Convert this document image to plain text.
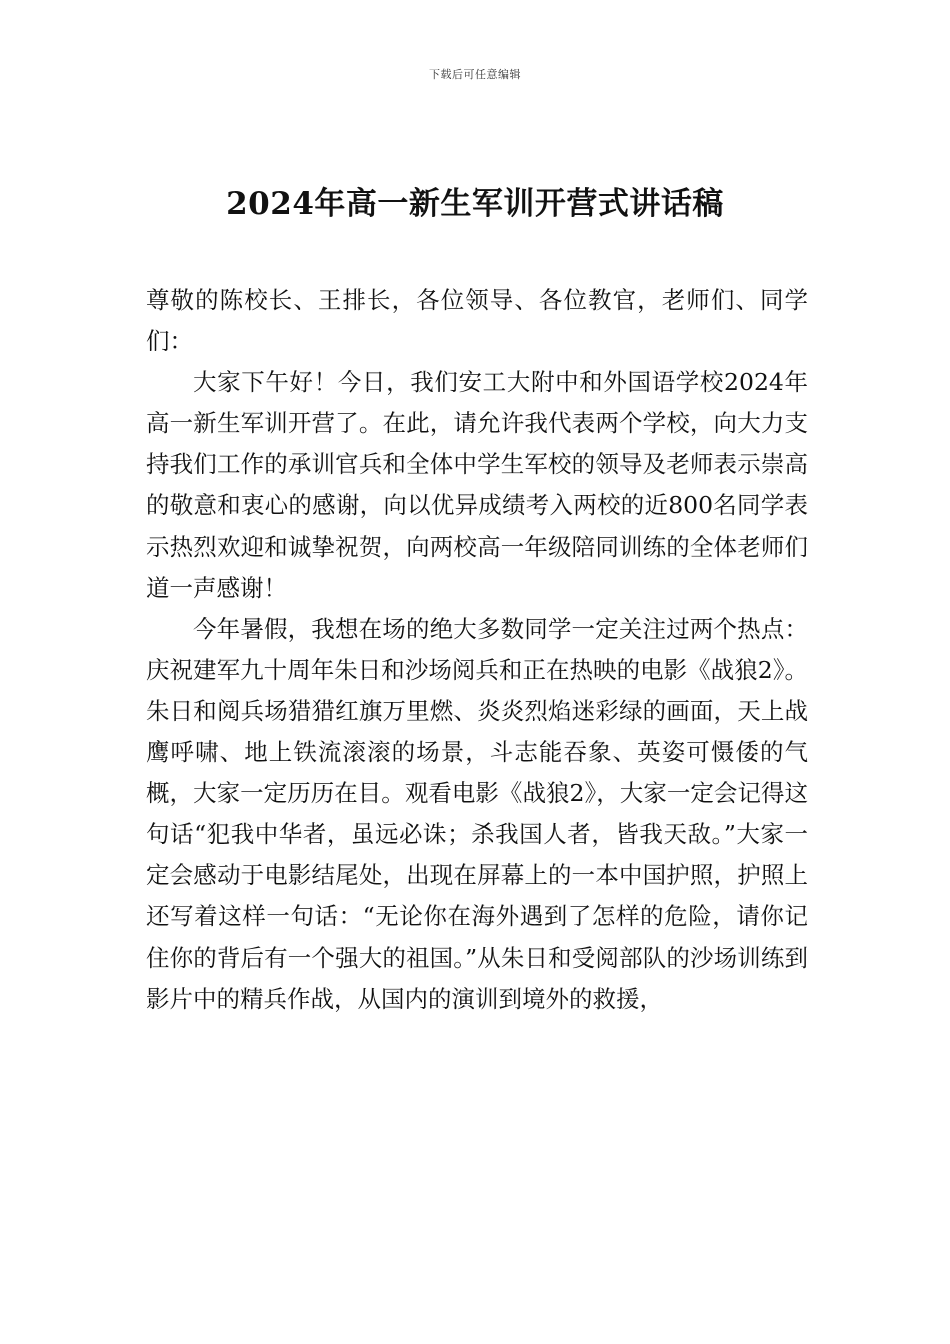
下载后可任意编辑
2024年高一新生军训开营式讲话稿

尊敬的陈校长、王排长，各位领导、各位教官，老师们、同学们：

大家下午好！今日，我们安工大附中和外国语学校2024年高一新生军训开营了。在此，请允许我代表两个学校，向大力支持我们工作的承训官兵和全体中学生军校的领导及老师表示崇高的敬意和衷心的感谢，向以优异成绩考入两校的近800名同学表示热烈欢迎和诚挚祝贺，向两校高一年级陪同训练的全体老师们道一声感谢！

今年暑假，我想在场的绝大多数同学一定关注过两个热点：庆祝建军九十周年朱日和沙场阅兵和正在热映的电影《战狼2》。朱日和阅兵场猎猎红旗万里燃、炎炎烈焰迷彩绿的画面，天上战鹰呼啸、地上铁流滚滚的场景，斗志能吞象、英姿可慑倭的气概，大家一定历历在目。观看电影《战狼2》，大家一定会记得这句话“犯我中华者，虽远必诛；杀我国人者，皆我天敌。”大家一定会感动于电影结尾处，出现在屏幕上的一本中国护照，护照上还写着这样一句话：“无论你在海外遇到了怎样的危险，请你记住你的背后有一个强大的祖国。”从朱日和受阅部队的沙场训练到影片中的精兵作战，从国内的演训到境外的救援，
